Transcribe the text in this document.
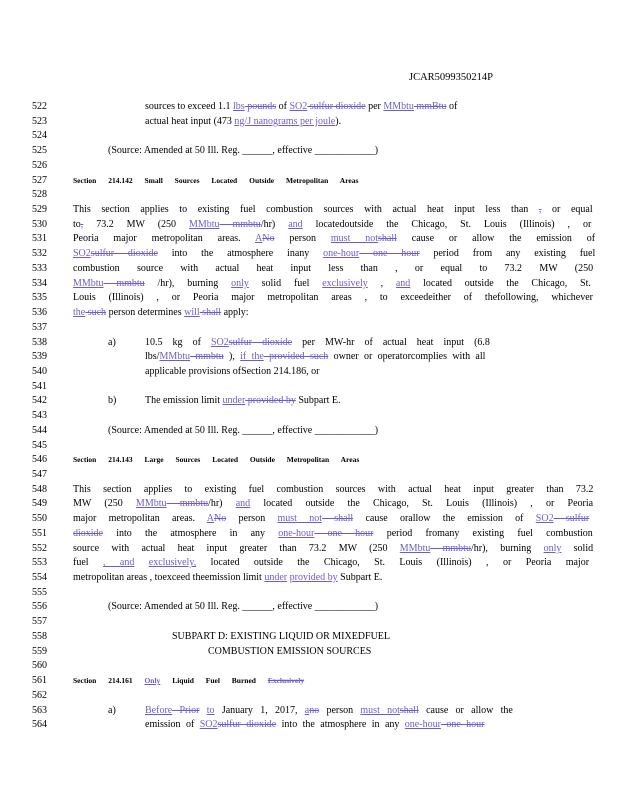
JCAR5099350214P
522	sources to exceed 1.1 lbs pounds of SO2 sulfur dioxide per MMbtu mmBtu of
523	actual heat input (473 ng/J nanograms per joule).
524
525	(Source: Amended at 50 Ill. Reg. ______, effective ____________)
526
527	Section 214.142 Small Sources Located Outside Metropolitan Areas
528
529	This section applies to existing fuel combustion sources with actual heat input less than , or equal
530	to, 73.2 MW (250 MMbtu mmbtu/hr) and locatedoutside the Chicago, St. Louis (Illinois) , or
531	Peoria major metropolitan areas. ANo person must notshall cause or allow the emission of
532	SO2sulfur dioxide into the atmosphere inany one-hour one hour period from any existing fuel
533	combustion source with actual heat input less than , or equal to 73.2 MW (250
534	MMbtu mmbtu /hr), burning only solid fuel exclusively , and located outside the Chicago, St.
535	Louis (Illinois) , or Peoria major metropolitan areas , to exceedeither of thefollowing, whichever
536	the such person determines will shall apply:
537
538	a)	10.5 kg of SO2sulfur dioxide per MW-hr of actual heat input (6.8
539	lbs/MMbtu mmbtu ), if the provided such owner or operatorcomplies with all
540	applicable provisions ofSection 214.186, or
541
542	b)	The emission limit under provided by Subpart E.
543
544	(Source: Amended at 50 Ill. Reg. ______, effective ____________)
545
546	Section 214.143 Large Sources Located Outside Metropolitan Areas
547
548	This section applies to existing fuel combustion sources with actual heat input greater than 73.2
549	MW (250 MMbtu mmbtu/hr) and located outside the Chicago, St. Louis (Illinois) , or Peoria
550	major metropolitan areas. ANo person must not shall cause orallow the emission of SO2 sulfur
551	dioxide into the atmosphere in any one-hour one hour period fromany existing fuel combustion
552	source with actual heat input greater than 73.2 MW (250 MMbtu mmbtu/hr), burning only solid
553	fuel , and exclusively, located outside the Chicago, St. Louis (Illinois) , or Peoria major
554	metropolitan areas , toexceed theemission limit under provided by Subpart E.
555
556	(Source: Amended at 50 Ill. Reg. ______, effective ____________)
557
558	SUBPART D: EXISTING LIQUID OR MIXEDFUEL
559	COMBUSTION EMISSION SOURCES
560
561	Section 214.161 Only Liquid Fuel Burned Exclusively
562
563	a)	Before Prior to January 1, 2017, ano person must notshall cause or allow the
564	emission of SO2sulfur dioxide into the atmosphere in any one-hour one hour
